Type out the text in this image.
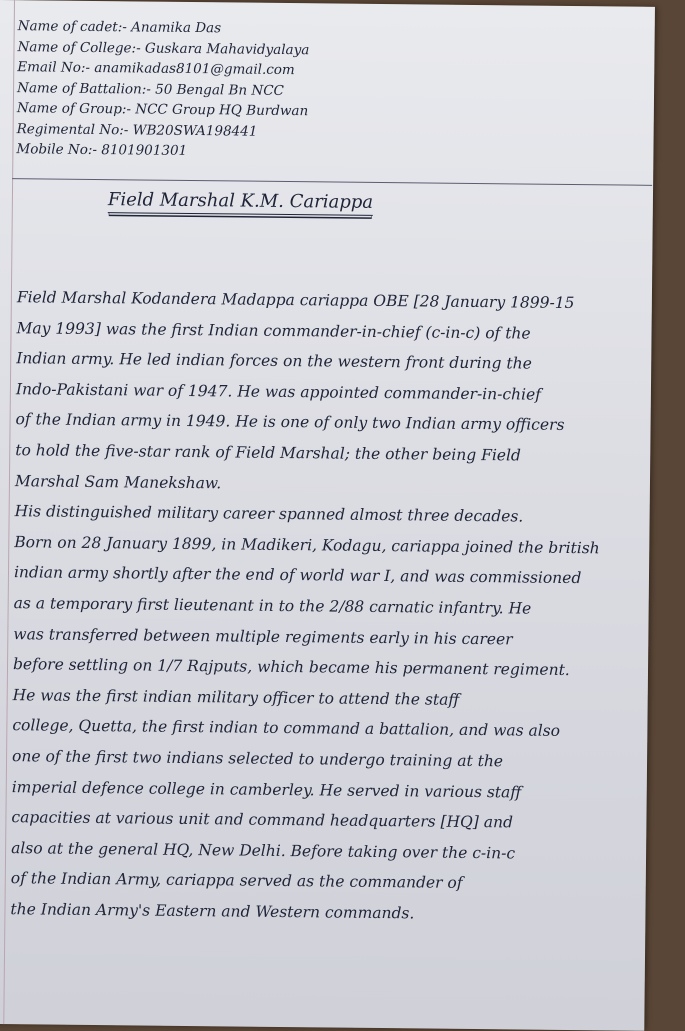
Name of cadet:- Anamika Das
Name of College:- Guskara Mahavidyalaya
Email No:- anamikadas8101@gmail.com
Name of Battalion:- 50 Bengal Bn NCC
Name of Group:- NCC Group HQ Burdwan
Regimental No:- WB20SWA198441
Mobile No:- 8101901301
Field Marshal K.M. Cariappa
Field Marshal Kodandera Madappa cariappa OBE [28 January 1899-15
May 1993] was the first Indian commander-in-chief (c-in-c) of the
Indian army. He led indian forces on the western front during the
Indo-Pakistani war of 1947. He was appointed commander-in-chief
of the Indian army in 1949. He is one of only two Indian army officers
to hold the five-star rank of Field Marshal; the other being Field
Marshal Sam Manekshaw.
His distinguished military career spanned almost three decades.
Born on 28 January 1899, in Madikeri, Kodagu, cariappa joined the british
indian army shortly after the end of world war I, and was commissioned
as a temporary first lieutenant in to the 2/88 carnatic infantry. He
was transferred between multiple regiments early in his career
before settling on 1/7 Rajputs, which became his permanent regiment.
He was the first indian military officer to attend the staff
college, Quetta, the first indian to command a battalion, and was also
one of the first two indians selected to undergo training at the
imperial defence college in camberley. He served in various staff
capacities at various unit and command headquarters [HQ] and
also at the general HQ, New Delhi. Before taking over the c-in-c
of the Indian Army, cariappa served as the commander of
the Indian Army's Eastern and Western commands.
